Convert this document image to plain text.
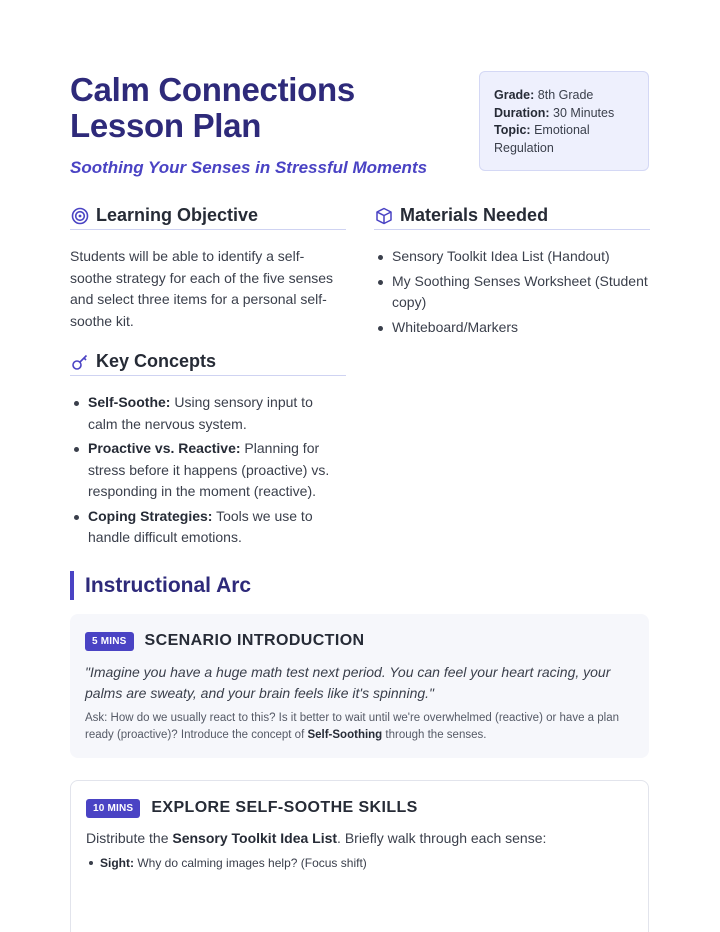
Calm Connections Lesson Plan
Soothing Your Senses in Stressful Moments
Grade: 8th Grade
Duration: 30 Minutes
Topic: Emotional Regulation
Learning Objective

Students will be able to identify a self-soothe strategy for each of the five senses and select three items for a personal self-soothe kit.

Key Concepts
Self-Soothe: Using sensory input to calm the nervous system.
Proactive vs. Reactive: Planning for stress before it happens (proactive) vs. responding in the moment (reactive).
Coping Strategies: Tools we use to handle difficult emotions.
Materials Needed
Sensory Toolkit Idea List (Handout)
My Soothing Senses Worksheet (Student copy)
Whiteboard/Markers
Instructional Arc
5 MINS	SCENARIO INTRODUCTION

"Imagine you have a huge math test next period. You can feel your heart racing, your palms are sweaty, and your brain feels like it's spinning."

Ask: How do we usually react to this? Is it better to wait until we're overwhelmed (reactive) or have a plan ready (proactive)? Introduce the concept of Self-Soothing through the senses.

10 MINS	EXPLORE SELF-SOOTHE SKILLS

Distribute the Sensory Toolkit Idea List. Briefly walk through each sense:

Sight: Why do calming images help? (Focus shift)
